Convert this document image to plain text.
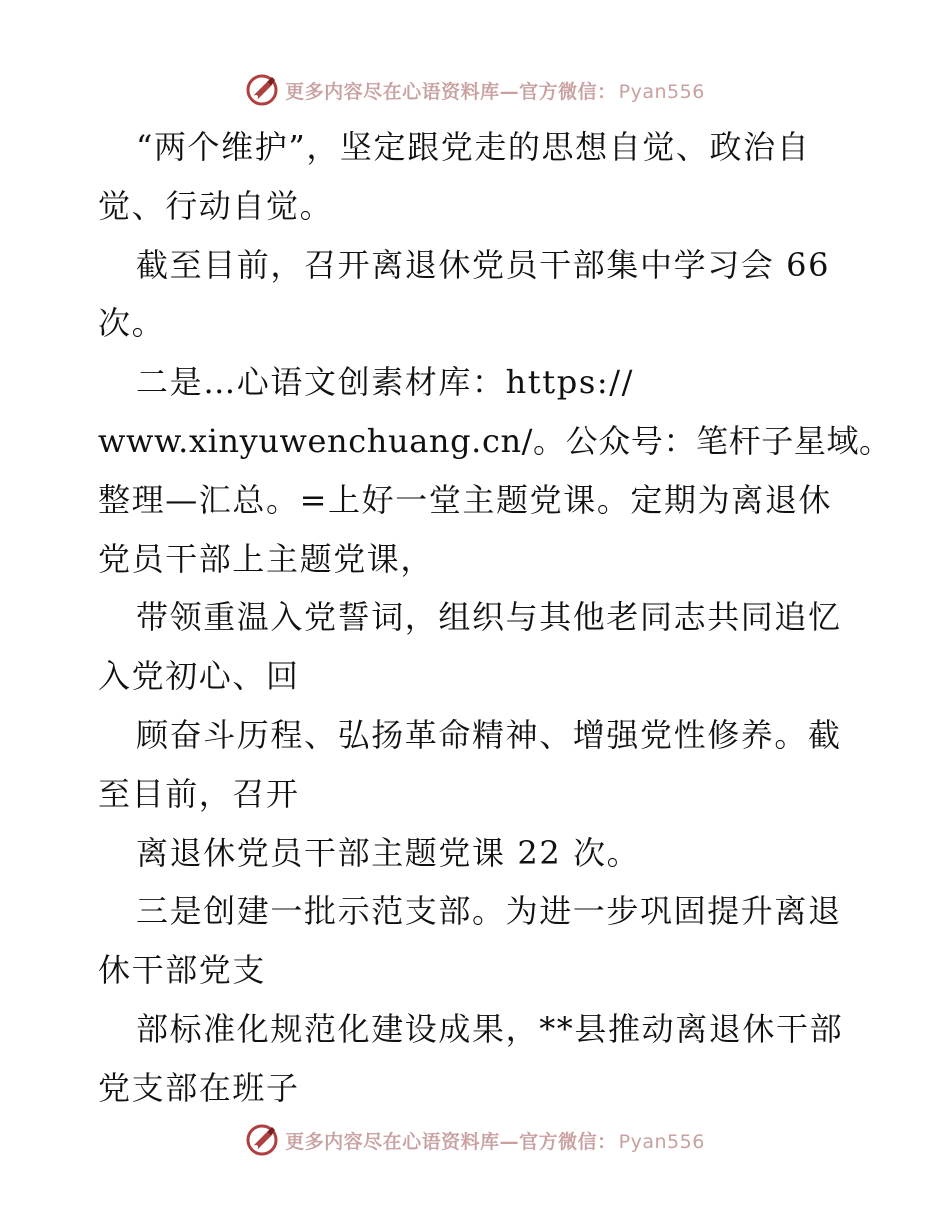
更多内容尽在心语资料库—官方微信： Pyan556
“两个维护”，坚定跟党走的思想自觉、政治自
觉、行动自觉。
截至目前，召开离退休党员干部集中学习会 66
次。
二是…心语文创素材库：https://
www.xinyuwenchuang.cn/。公众号：笔杆子星域。
整理—汇总。=上好一堂主题党课。定期为离退休
党员干部上主题党课，
带领重温入党誓词，组织与其他老同志共同追忆
入党初心、回
顾奋斗历程、弘扬革命精神、增强党性修养。截
至目前，召开
离退休党员干部主题党课 22 次。
三是创建一批示范支部。为进一步巩固提升离退
休干部党支
部标准化规范化建设成果，**县推动离退休干部
党支部在班子
更多内容尽在心语资料库—官方微信： Pyan556
